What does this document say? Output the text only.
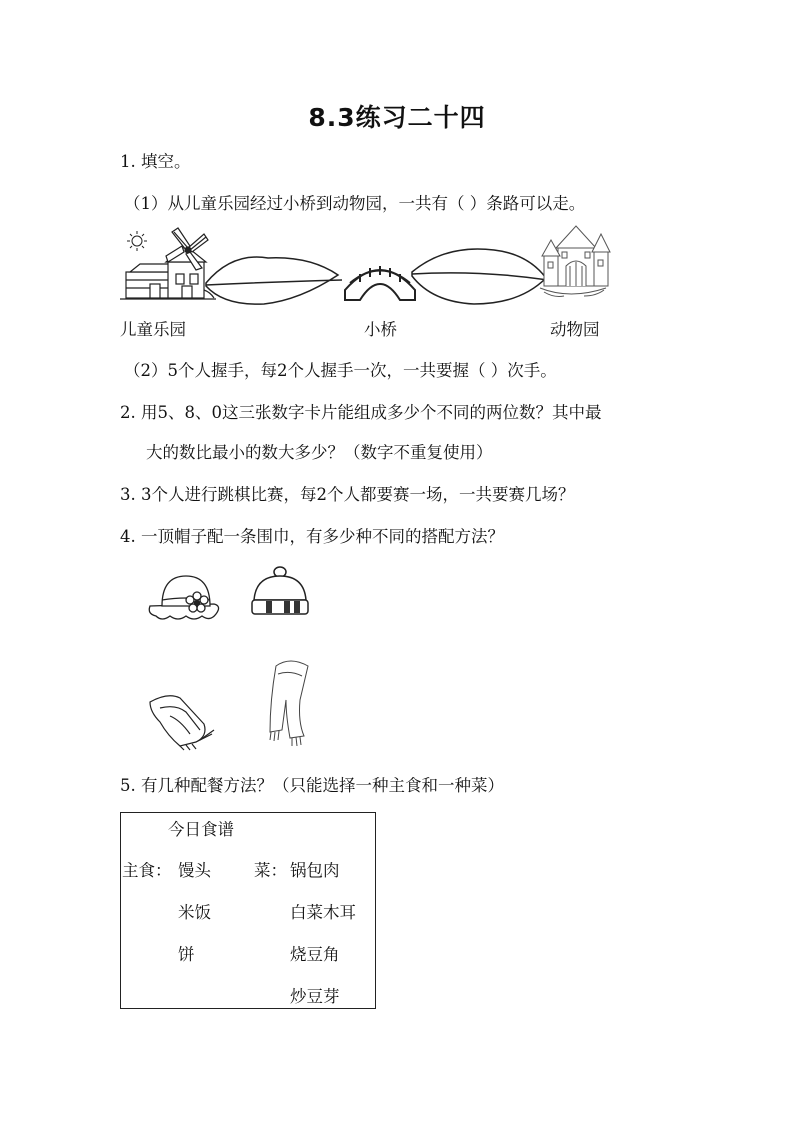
8.3练习二十四
1. 填空。
（1）从儿童乐园经过小桥到动物园，一共有（ ）条路可以走。
儿童乐园	小桥	动物园
（2）5个人握手，每2个人握手一次，一共要握（ ）次手。
2. 用5、8、0这三张数字卡片能组成多少个不同的两位数？其中最
大的数比最小的数大多少？（数字不重复使用）
3. 3个人进行跳棋比赛，每2个人都要赛一场，一共要赛几场？
4. 一顶帽子配一条围巾，有多少种不同的搭配方法？
5. 有几种配餐方法？（只能选择一种主食和一种菜）
今日食谱
主食： 馒头
米饭
饼
菜： 锅包肉
白菜木耳
烧豆角
炒豆芽
